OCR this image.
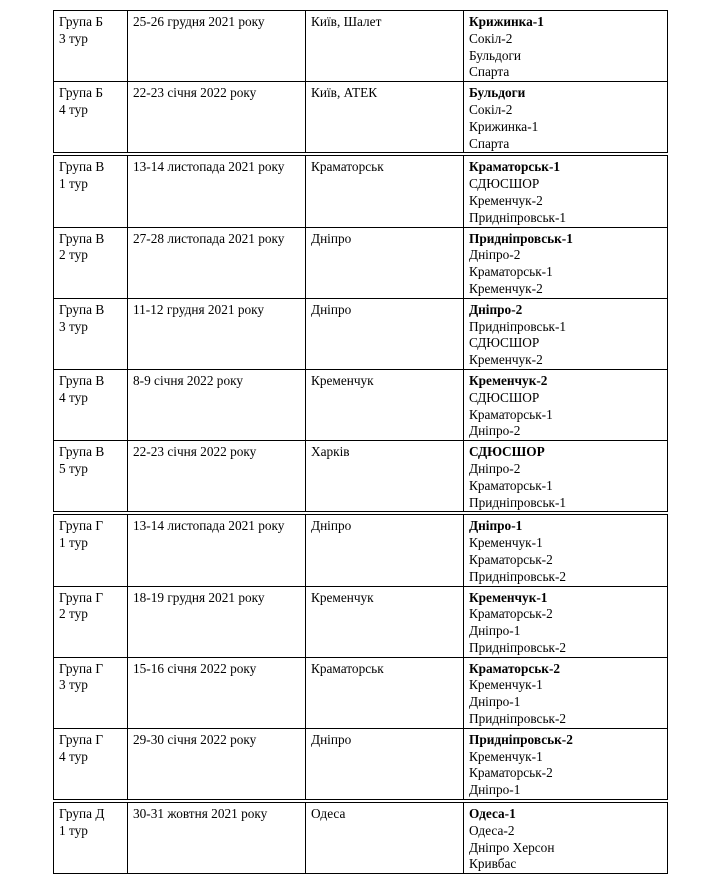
Група Б
3 тур	25-26 грудня 2021 року	Київ, Шалет	Крижинка-1
Сокіл-2
Бульдоги
Спарта

Група Б
4 тур	22-23 січня 2022 року	Київ, АТЕК	Бульдоги
Сокіл-2
Крижинка-1
Спарта

Група В
1 тур	13-14 листопада 2021 року	Краматорськ	Краматорськ-1
СДЮСШОР
Кременчук-2
Придніпровськ-1

Група В
2 тур	27-28 листопада 2021 року	Дніпро	Придніпровськ-1
Дніпро-2
Краматорськ-1
Кременчук-2

Група В
3 тур	11-12 грудня 2021 року	Дніпро	Дніпро-2
Придніпровськ-1
СДЮСШОР
Кременчук-2

Група В
4 тур	8-9 січня 2022 року	Кременчук	Кременчук-2
СДЮСШОР
Краматорськ-1
Дніпро-2

Група В
5 тур	22-23 січня 2022 року	Харків	СДЮСШОР
Дніпро-2
Краматорськ-1
Придніпровськ-1

Група Г
1 тур	13-14 листопада 2021 року	Дніпро	Дніпро-1
Кременчук-1
Краматорськ-2
Придніпровськ-2

Група Г
2 тур	18-19 грудня 2021 року	Кременчук	Кременчук-1
Краматорськ-2
Дніпро-1
Придніпровськ-2

Група Г
3 тур	15-16 січня 2022 року	Краматорськ	Краматорськ-2
Кременчук-1
Дніпро-1
Придніпровськ-2

Група Г
4 тур	29-30 січня 2022 року	Дніпро	Придніпровськ-2
Кременчук-1
Краматорськ-2
Дніпро-1

Група Д
1 тур	30-31 жовтня 2021 року	Одеса	Одеса-1
Одеса-2
Дніпро Херсон
Кривбас
